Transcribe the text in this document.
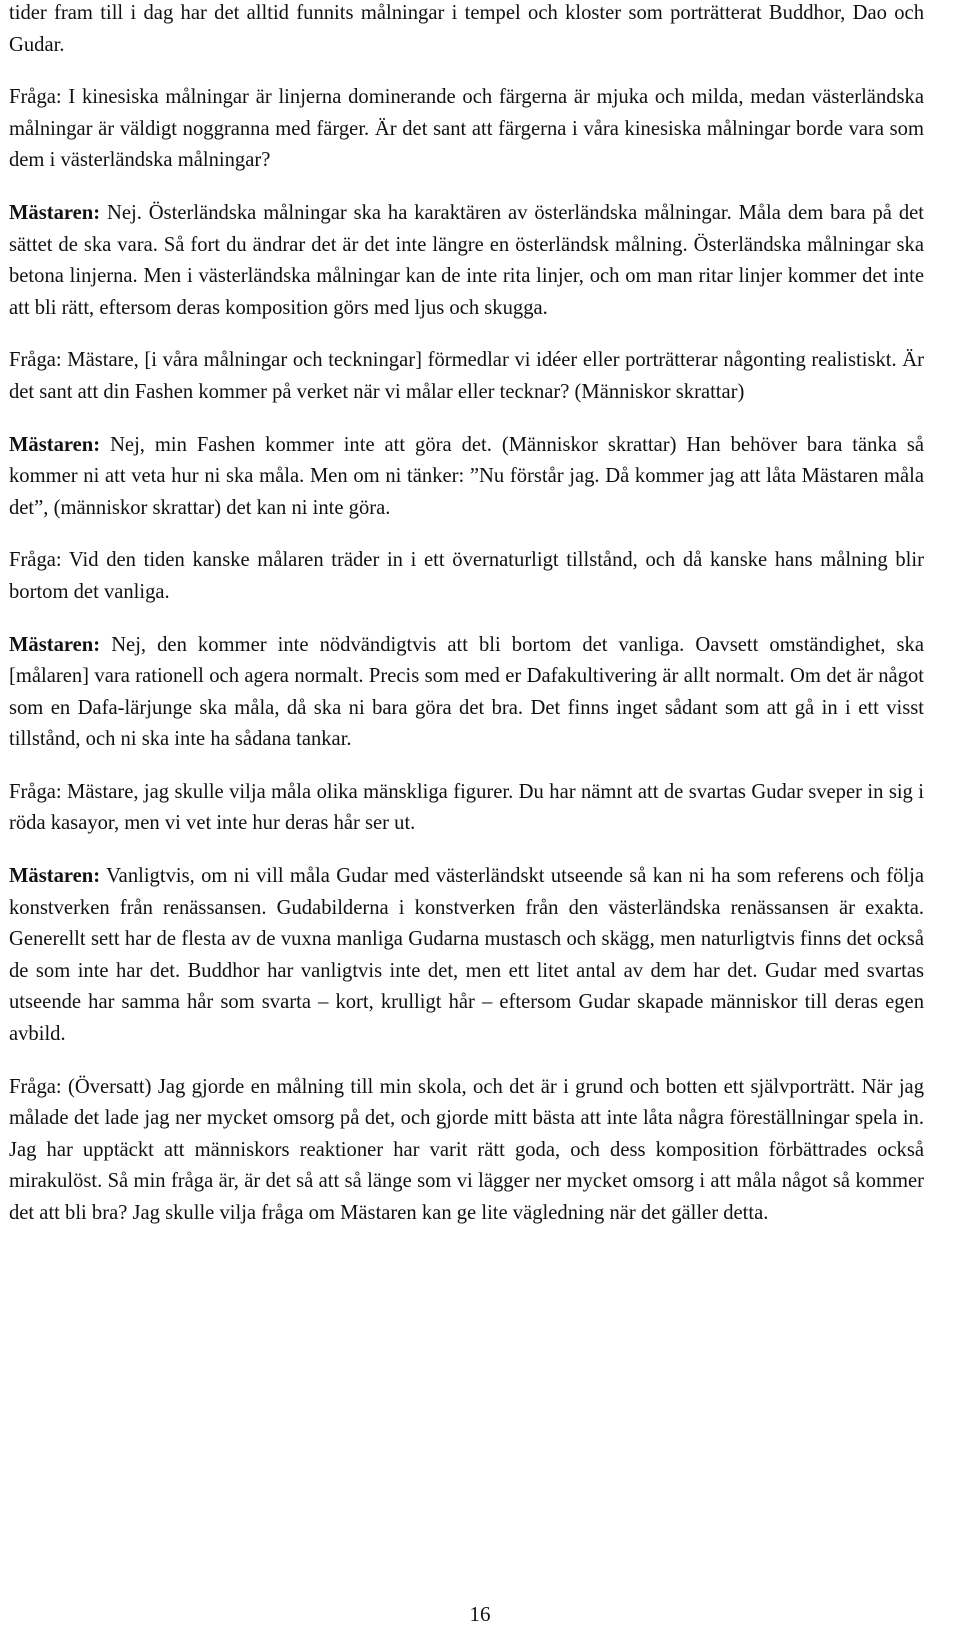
tider fram till i dag har det alltid funnits målningar i tempel och kloster som porträtterat Buddhor, Dao och Gudar.

Fråga: I kinesiska målningar är linjerna dominerande och färgerna är mjuka och milda, medan västerländska målningar är väldigt noggranna med färger. Är det sant att färgerna i våra kinesiska målningar borde vara som dem i västerländska målningar?

Mästaren: Nej. Österländska målningar ska ha karaktären av österländska målningar. Måla dem bara på det sättet de ska vara. Så fort du ändrar det är det inte längre en österländsk målning. Österländska målningar ska betona linjerna. Men i västerländska målningar kan de inte rita linjer, och om man ritar linjer kommer det inte att bli rätt, eftersom deras komposition görs med ljus och skugga.

Fråga: Mästare, [i våra målningar och teckningar] förmedlar vi idéer eller porträtterar någonting realistiskt. Är det sant att din Fashen kommer på verket när vi målar eller tecknar? (Människor skrattar)

Mästaren: Nej, min Fashen kommer inte att göra det. (Människor skrattar) Han behöver bara tänka så kommer ni att veta hur ni ska måla. Men om ni tänker: ”Nu förstår jag. Då kommer jag att låta Mästaren måla det”, (människor skrattar) det kan ni inte göra.

Fråga: Vid den tiden kanske målaren träder in i ett övernaturligt tillstånd, och då kanske hans målning blir bortom det vanliga.

Mästaren: Nej, den kommer inte nödvändigtvis att bli bortom det vanliga. Oavsett omständighet, ska [målaren] vara rationell och agera normalt. Precis som med er Dafakultivering är allt normalt. Om det är något som en Dafa-lärjunge ska måla, då ska ni bara göra det bra. Det finns inget sådant som att gå in i ett visst tillstånd, och ni ska inte ha sådana tankar.

Fråga: Mästare, jag skulle vilja måla olika mänskliga figurer. Du har nämnt att de svartas Gudar sveper in sig i röda kasayor, men vi vet inte hur deras hår ser ut.

Mästaren: Vanligtvis, om ni vill måla Gudar med västerländskt utseende så kan ni ha som referens och följa konstverken från renässansen. Gudabilderna i konstverken från den västerländska renässansen är exakta. Generellt sett har de flesta av de vuxna manliga Gudarna mustasch och skägg, men naturligtvis finns det också de som inte har det. Buddhor har vanligtvis inte det, men ett litet antal av dem har det. Gudar med svartas utseende har samma hår som svarta – kort, krulligt hår – eftersom Gudar skapade människor till deras egen avbild.

Fråga: (Översatt) Jag gjorde en målning till min skola, och det är i grund och botten ett självporträtt. När jag målade det lade jag ner mycket omsorg på det, och gjorde mitt bästa att inte låta några föreställningar spela in. Jag har upptäckt att människors reaktioner har varit rätt goda, och dess komposition förbättrades också mirakulöst. Så min fråga är, är det så att så länge som vi lägger ner mycket omsorg i att måla något så kommer det att bli bra? Jag skulle vilja fråga om Mästaren kan ge lite vägledning när det gäller detta.

16
